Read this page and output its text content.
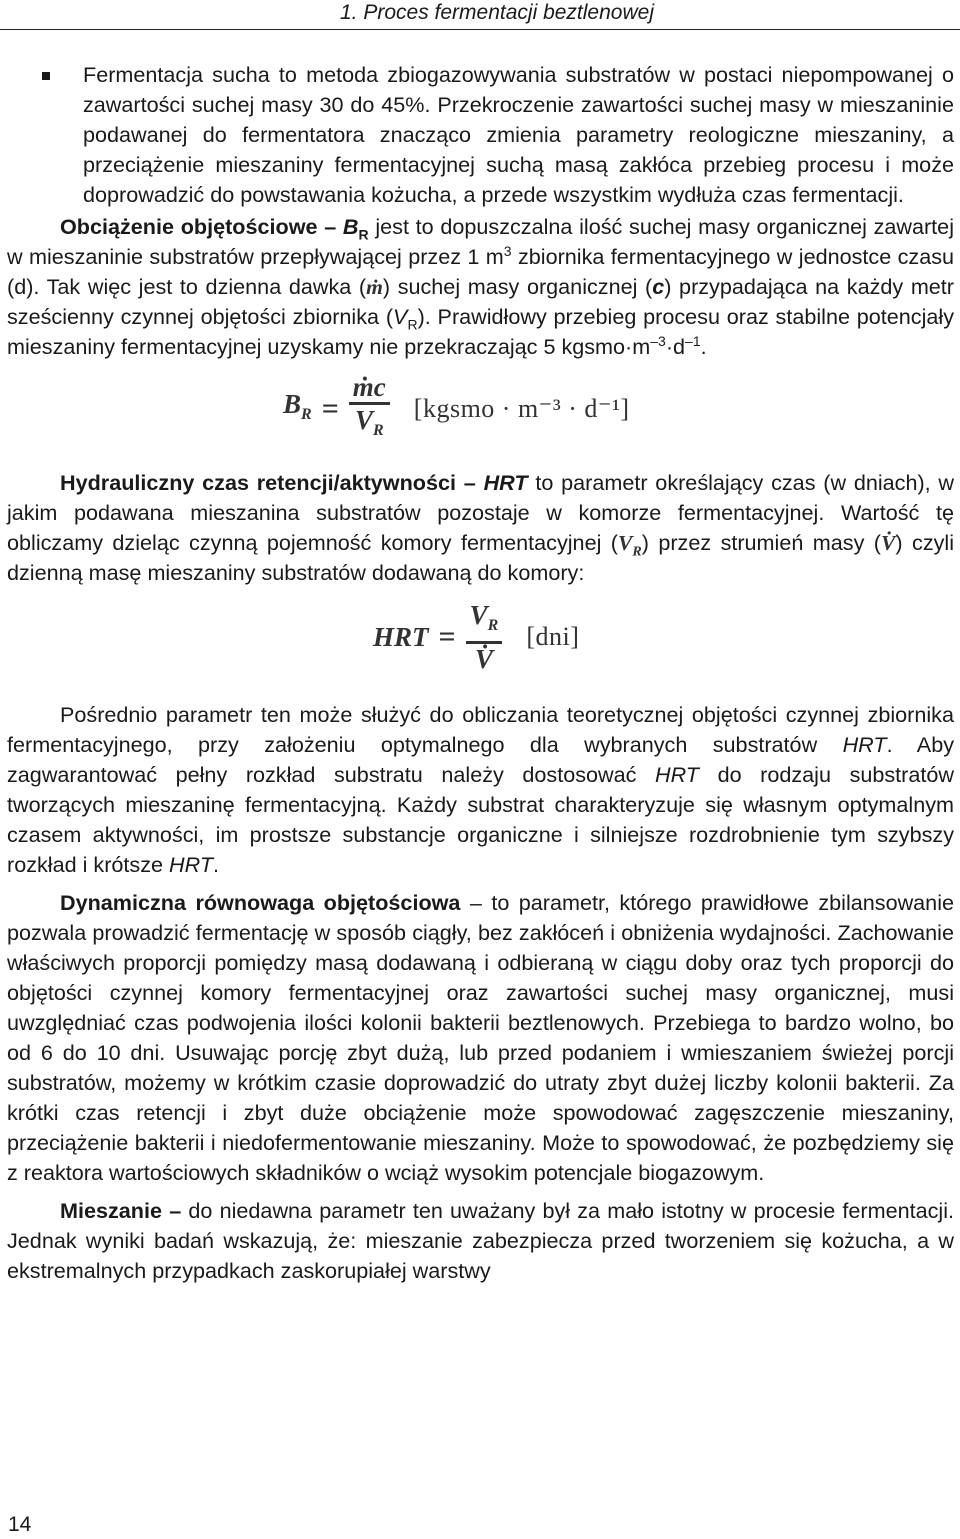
1. Proces fermentacji beztlenowej

Fermentacja sucha to metoda zbiogazowywania substratów w postaci niepompowanej o zawartości suchej masy 30 do 45%. Przekroczenie zawartości suchej masy w mieszaninie podawanej do fermentatora znacząco zmienia parametry reologiczne mieszaniny, a przeciążenie mieszaniny fermentacyjnej suchą masą zakłóca przebieg procesu i może doprowadzić do powstawania kożucha, a przede wszystkim wydłuża czas fermentacji.

Obciążenie objętościowe – $B_R$ jest to dopuszczalna ilość suchej masy organicznej zawartej w mieszaninie substratów przepływającej przez 1 $m^3$ zbiornika fermentacyjnego w jednostce czasu (d). Tak więc jest to dzienna dawka (ṁ) suchej masy organicznej (c) przypadająca na każdy metr sześcienny czynnej objętości zbiornika $(V_R)$. Prawidłowy przebieg procesu oraz stabilne potencjały mieszaniny fermentacyjnej uzyskamy nie przekraczając 5 $kgsmo\cdot m^{-3}\cdot d^{-1}$.

$B_R = \frac{\text{ṁc}}{V_R}$ [kgsmo · m⁻³ · d⁻¹]

Hydrauliczny czas retencji/aktywności – HRT to parametr określający czas (w dniach), w jakim podawana mieszanina substratów pozostaje w komorze fermentacyjnej. Wartość tę obliczamy dzieląc czynną pojemność komory fermentacyjnej $(V_R)$ przez strumień masy (V̇) czyli dzienną masę mieszaniny substratów dodawaną do komory:

HRT = $\frac{V_R}{V̇} [dni]$

Pośrednio parametr ten może służyć do obliczania teoretycznej objętości czynnej zbiornika fermentacyjnego, przy założeniu optymalnego dla wybranych substratów HRT. Aby zagwarantować pełny rozkład substratu należy dostosować HRT do rodzaju substratów tworzących mieszaninę fermentacyjną. Każdy substrat charakteryzuje się własnym optymalnym czasem aktywności, im prostsze substancje organiczne i silniejsze rozdrobnienie tym szybszy rozkład i krótsze HRT.

Dynamiczna równowaga objętościowa – to parametr, którego prawidłowe zbilansowanie pozwala prowadzić fermentację w sposób ciągły, bez zakłóceń i obniżenia wydajności. Zachowanie właściwych proporcji pomiędzy masą dodawaną i odbieraną w ciągu doby oraz tych proporcji do objętości czynnej komory fermentacyjnej oraz zawartości suchej masy organicznej, musi uwzględniać czas podwojenia ilości kolonii bakterii beztlenowych. Przebiega to bardzo wolno, bo od 6 do 10 dni. Usuwając porcję zbyt dużą, lub przed podaniem i wmieszaniem świeżej porcji substratów, możemy w krótkim czasie doprowadzić do utraty zbyt dużej liczby kolonii bakterii. Za krótki czas retencji i zbyt duże obciążenie może spowodować zagęszczenie mieszaniny, przeciążenie bakterii i niedofermentowanie mieszaniny. Może to spowodować, że pozbędziemy się z reaktora wartościowych składników o wciąż wysokim potencjale biogazowym.

Mieszanie – do niedawna parametr ten uważany był za mało istotny w procesie fermentacji. Jednak wyniki badań wskazują, że: mieszanie zabezpiecza przed tworzeniem się kożucha, a w ekstremalnych przypadkach zaskorupiałej warstwy

14
